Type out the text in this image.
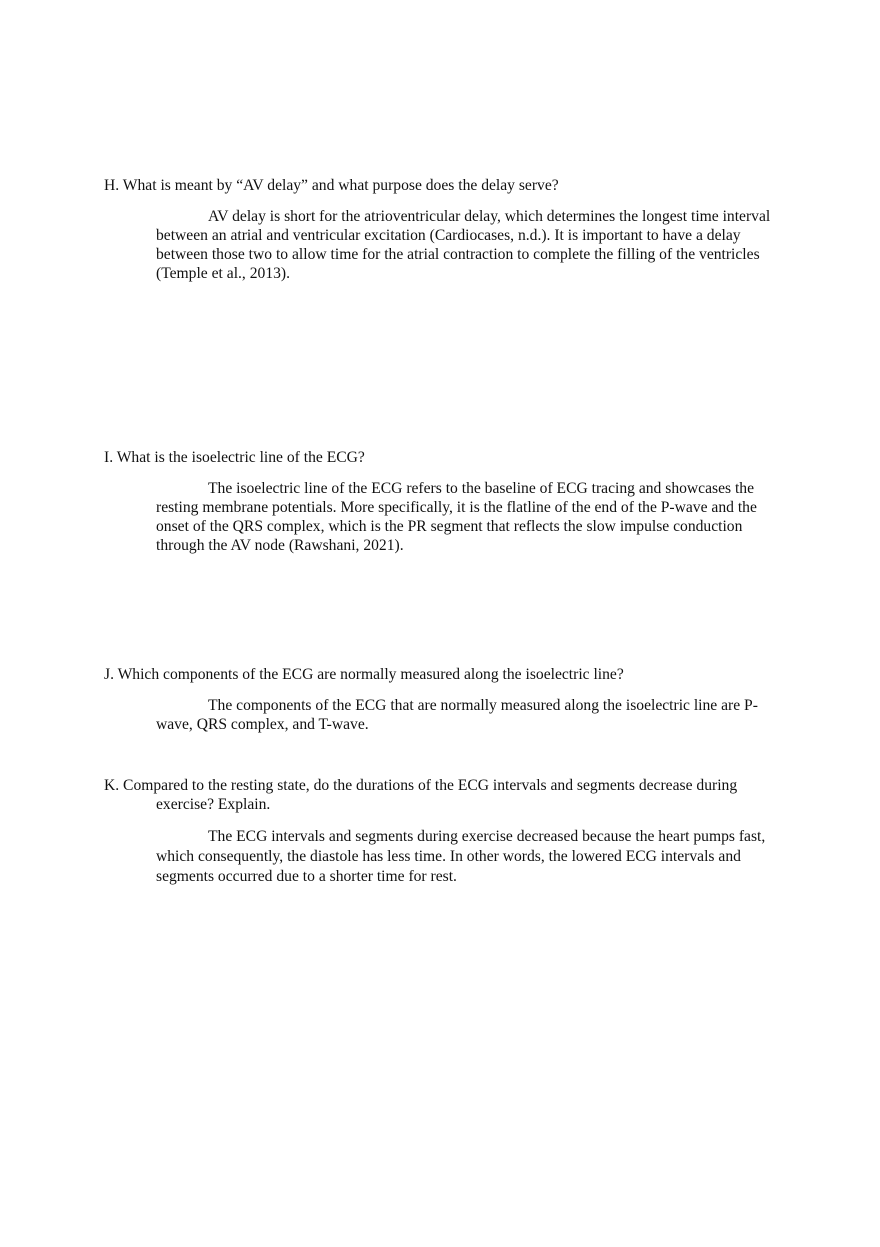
H. What is meant by “AV delay” and what purpose does the delay serve?

AV delay is short for the atrioventricular delay, which determines the longest time interval between an atrial and ventricular excitation (Cardiocases, n.d.). It is important to have a delay between those two to allow time for the atrial contraction to complete the filling of the ventricles (Temple et al., 2013).

I. What is the isoelectric line of the ECG?

The isoelectric line of the ECG refers to the baseline of ECG tracing and showcases the resting membrane potentials. More specifically, it is the flatline of the end of the P-wave and the onset of the QRS complex, which is the PR segment that reflects the slow impulse conduction through the AV node (Rawshani, 2021).

J. Which components of the ECG are normally measured along the isoelectric line?

The components of the ECG that are normally measured along the isoelectric line are P-wave, QRS complex, and T-wave.

K. Compared to the resting state, do the durations of the ECG intervals and segments decrease during exercise? Explain.

The ECG intervals and segments during exercise decreased because the heart pumps fast, which consequently, the diastole has less time. In other words, the lowered ECG intervals and segments occurred due to a shorter time for rest.
